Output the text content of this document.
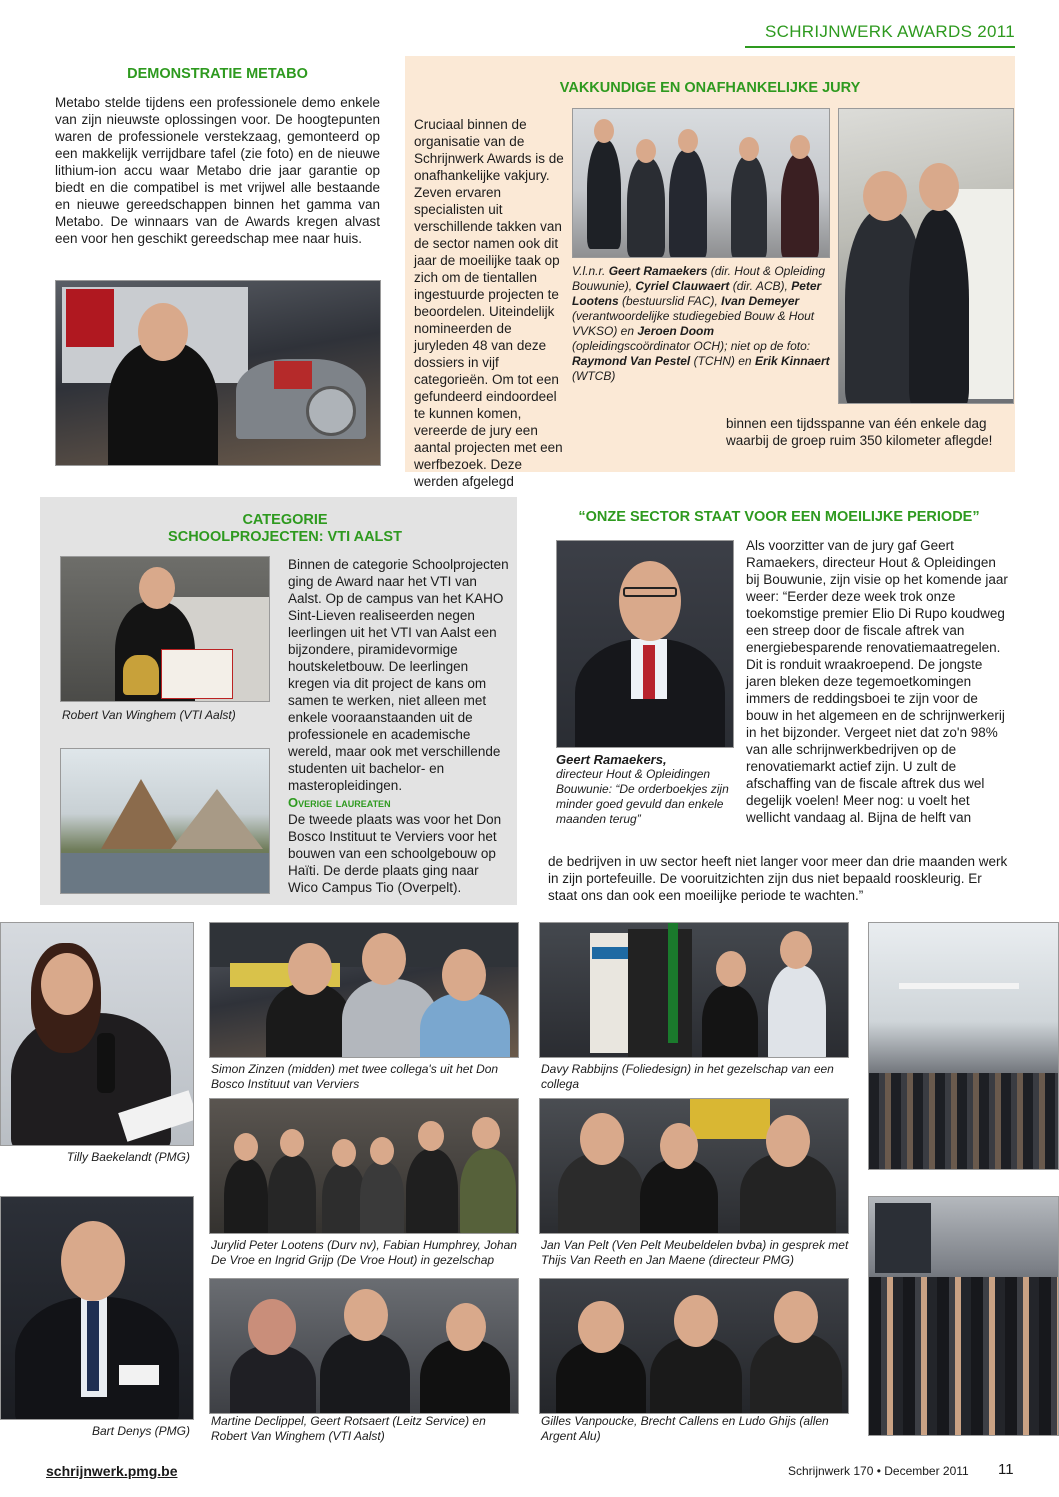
SCHRIJNWERK AWARDS 2011
DEMONSTRATIE METABO
Metabo stelde tijdens een professionele demo enkele van zijn nieuwste oplossingen voor. De hoogtepunten waren de professionele verstekzaag, gemonteerd op een makkelijk verrijdbare tafel (zie foto) en de nieuwe lithium-ion accu waar Metabo drie jaar garantie op biedt en die compatibel is met vrijwel alle bestaande en nieuwe gereedschappen binnen het gamma van Metabo. De winnaars van de Awards kregen alvast een voor hen geschikt gereedschap mee naar huis.
VAKKUNDIGE EN ONAFHANKELIJKE JURY
Cruciaal binnen de organisatie van de Schrijnwerk Awards is de onafhankelijke vakjury. Zeven ervaren specialisten uit verschillende takken van de sector namen ook dit jaar de moeilijke taak op zich om de tientallen ingestuurde projecten te beoordelen. Uiteindelijk nomineerden de juryleden 48 van deze dossiers in vijf categorieën. Om tot een gefundeerd eindoordeel te kunnen komen, vereerde de jury een aantal projecten met een werfbezoek. Deze werden afgelegd
V.l.n.r. Geert Ramaekers (dir. Hout & Opleiding Bouwunie), Cyriel Clauwaert (dir. ACB), Peter Lootens (bestuurslid FAC), Ivan Demeyer (verantwoordelijke studiegebied Bouw & Hout VVKSO) en Jeroen Doom (opleidingscoördinator OCH); niet op de foto: Raymond Van Pestel (TCHN) en Erik Kinnaert (WTCB)
binnen een tijdsspanne van één enkele dag waarbij de groep ruim 350 kilometer aflegde!
CATEGORIE
SCHOOLPROJECTEN: VTI AALST
Robert Van Winghem (VTI Aalst)
Binnen de categorie Schoolprojecten ging de Award naar het VTI van Aalst. Op de campus van het KAHO Sint-Lieven realiseerden negen leerlingen uit het VTI van Aalst een bijzondere, piramidevormige houtskeletbouw. De leerlingen kregen via dit project de kans om samen te werken, niet alleen met enkele vooraanstaanden uit de professionele en academische wereld, maar ook met verschillende studenten uit bachelor- en masteropleidingen.
Overige laureaten
De tweede plaats was voor het Don Bosco Instituut te Verviers voor het bouwen van een schoolgebouw op Haïti. De derde plaats ging naar Wico Campus Tio (Overpelt).
“ONZE SECTOR STAAT VOOR EEN MOEILIJKE PERIODE”
Geert Ramaekers,
directeur Hout & Opleidingen Bouwunie: “De orderboekjes zijn minder goed gevuld dan enkele maanden terug”
Als voorzitter van de jury gaf Geert Ramaekers, directeur Hout & Opleidingen bij Bouwunie, zijn visie op het komende jaar weer: “Eerder deze week trok onze toekomstige premier Elio Di Rupo koudweg een streep door de fiscale aftrek van energiebesparende renovatiemaatregelen. Dit is ronduit wraakroepend. De jongste jaren bleken deze tegemoetkomingen immers de reddingsboei te zijn voor de bouw in het algemeen en de schrijnwerkerij in het bijzonder. Vergeet niet dat zo'n 98% van alle schrijnwerkbedrijven op de renovatiemarkt actief zijn. U zult de afschaffing van de fiscale aftrek dus wel degelijk voelen! Meer nog: u voelt het wellicht vandaag al. Bijna de helft van
de bedrijven in uw sector heeft niet langer voor meer dan drie maanden werk in zijn portefeuille. De vooruitzichten zijn dus niet bepaald rooskleurig. Er staat ons dan ook een moeilijke periode te wachten.”
Tilly Baekelandt (PMG)
Bart Denys (PMG)
Simon Zinzen (midden) met twee collega's uit het Don Bosco Instituut van Verviers
Davy Rabbijns (Foliedesign) in het gezelschap van een collega
Jurylid Peter Lootens (Durv nv), Fabian Humphrey, Johan De Vroe en Ingrid Grijp (De Vroe Hout) in gezelschap
Jan Van Pelt (Ven Pelt Meubeldelen bvba) in gesprek met Thijs Van Reeth en Jan Maene (directeur PMG)
Martine Declippel, Geert Rotsaert (Leitz Service) en Robert Van Winghem (VTI Aalst)
Gilles Vanpoucke, Brecht Callens en Ludo Ghijs (allen Argent Alu)
schrijnwerk.pmg.be	Schrijnwerk 170 • December 2011 11
